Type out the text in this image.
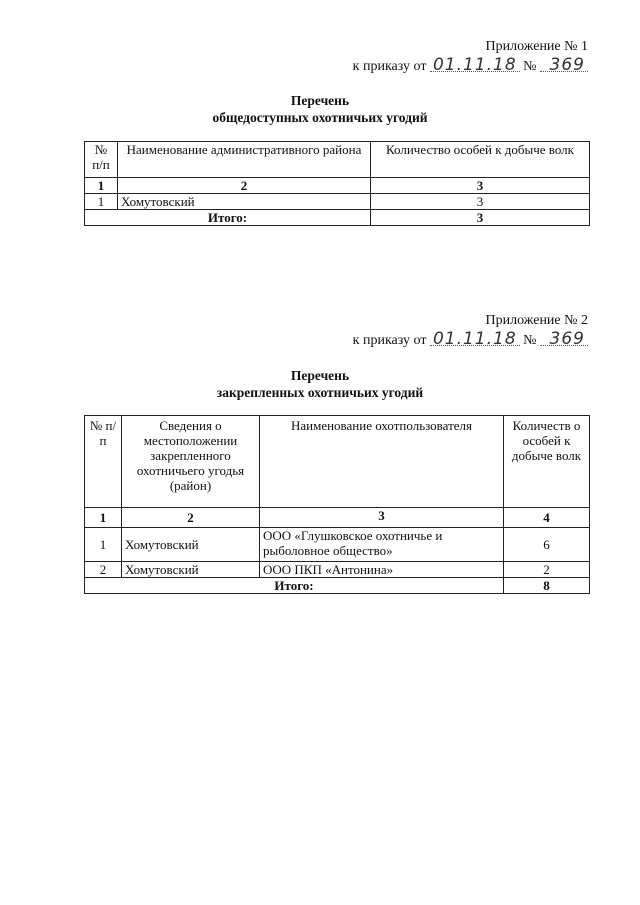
Приложение № 1
к приказу от 01.11.18 № 369
Перечень
общедоступных охотничьих угодий
№ п/п	Наименование административного района	Количество особей к добыче волк
1	2	3
1	Хомутовский	3
Итого:		3
Приложение № 2
к приказу от 01.11.18 № 369
Перечень
закрепленных охотничьих угодий
№ п/п	Сведения о местоположении закрепленного охотничьего угодья (район)	Наименование охотпользователя	Количеств о особей к добыче волк
1	2	3	4
1	Хомутовский	ООО «Глушковское охотничье и рыболовное общество»	6
2	Хомутовский	ООО ПКП «Антонина»	2
Итого:			8
